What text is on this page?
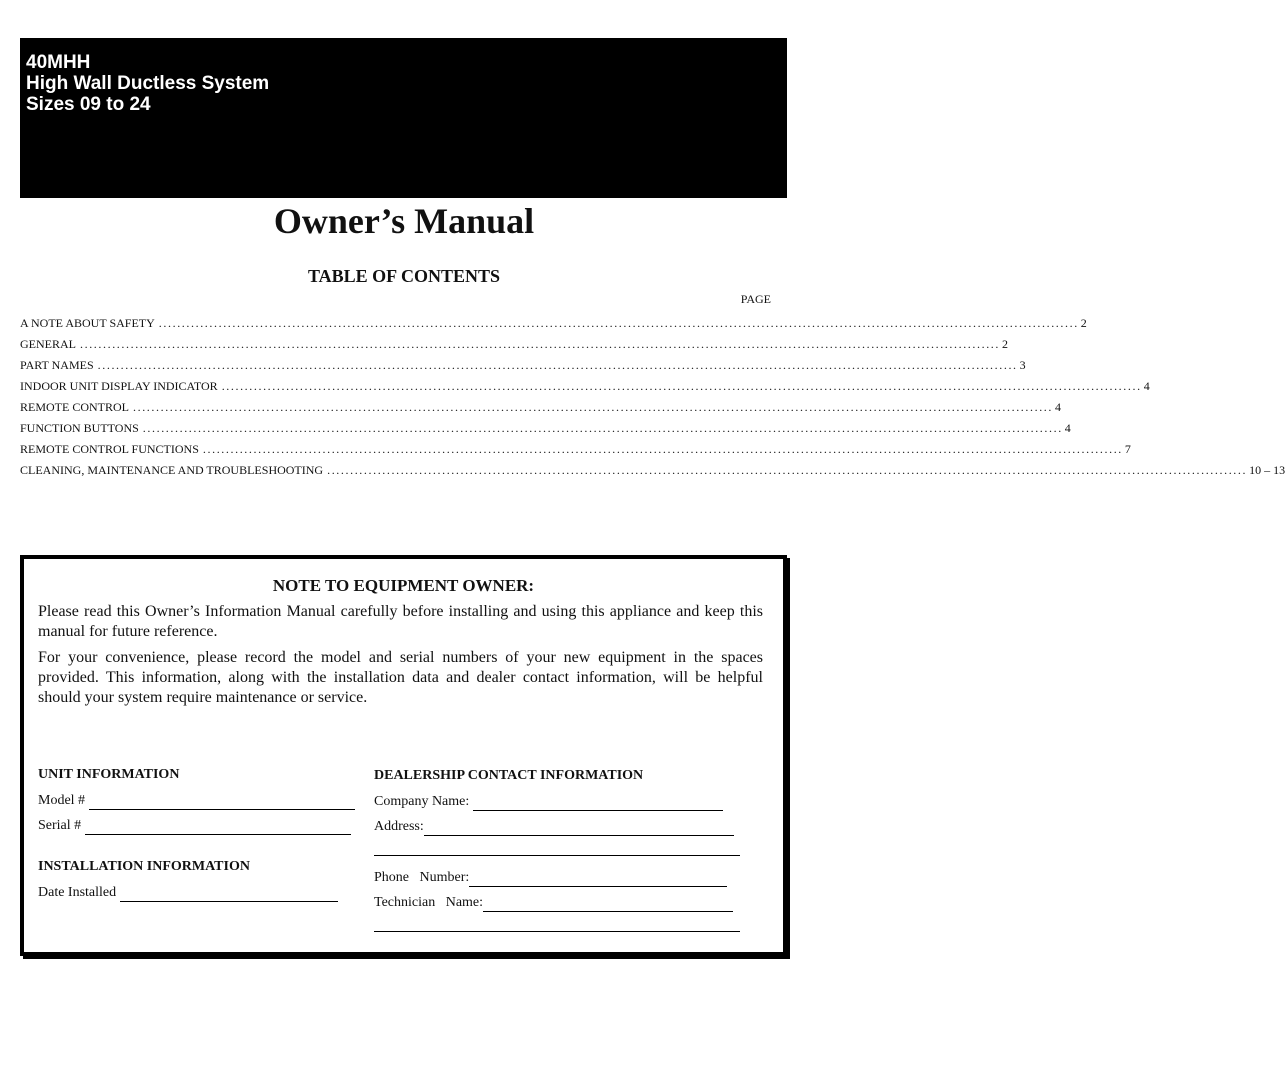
40MHH
High Wall Ductless System
Sizes 09 to 24
Owner’s Manual
TABLE OF CONTENTS
PAGE
A NOTE ABOUT SAFETY ........................................................................................................................................................................................................ 2
GENERAL ........................................................................................................................................................................................................ 2
PART NAMES ........................................................................................................................................................................................................ 3
INDOOR UNIT DISPLAY INDICATOR ........................................................................................................................................................................................................ 4
REMOTE CONTROL ........................................................................................................................................................................................................ 4
FUNCTION BUTTONS ........................................................................................................................................................................................................ 4
REMOTE CONTROL FUNCTIONS ........................................................................................................................................................................................................ 7
CLEANING, MAINTENANCE AND TROUBLESHOOTING ........................................................................................................................................................................................................ 10 – 13
NOTE TO EQUIPMENT OWNER:

Please read this Owner’s Information Manual carefully before installing and using this appliance and keep this manual for future reference.

For your convenience, please record the model and serial numbers of your new equipment in the spaces provided. This information, along with the installation data and dealer contact information, will be helpful should your system require maintenance or service.

UNIT INFORMATION
Model #
Serial #
INSTALLATION INFORMATION
Date Installed
DEALERSHIP CONTACT INFORMATION
Company Name:
Address:
Phone   Number:
Technician   Name:
